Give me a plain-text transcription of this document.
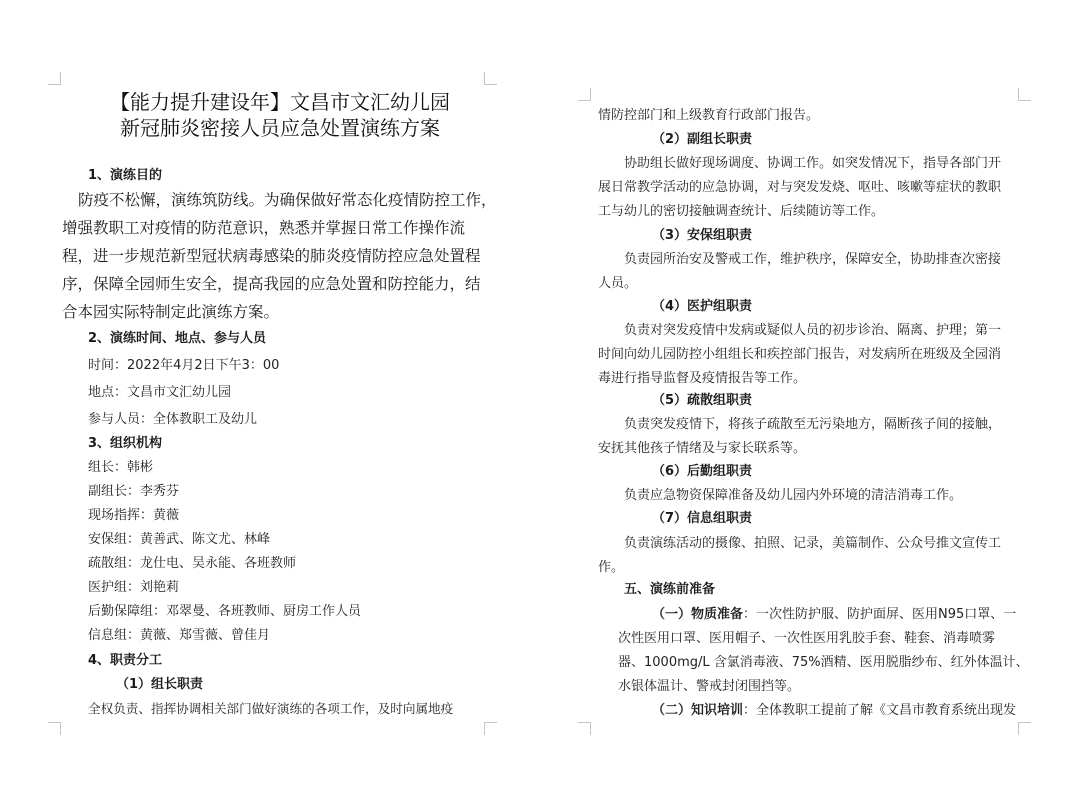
【能力提升建设年】文昌市文汇幼儿园
新冠肺炎密接人员应急处置演练方案
1、演练目的
防疫不松懈，演练筑防线。为确保做好常态化疫情防控工作，
增强教职工对疫情的防范意识，熟悉并掌握日常工作操作流
程，进一步规范新型冠状病毒感染的肺炎疫情防控应急处置程
序，保障全园师生安全，提高我园的应急处置和防控能力，结
合本园实际特制定此演练方案。
2、演练时间、地点、参与人员
时间：2022年4月2日下午3：00
地点：文昌市文汇幼儿园
参与人员：全体教职工及幼儿
3、组织机构
组长：韩彬
副组长：李秀芬
现场指挥：黄薇
安保组：黄善武、陈文尤、林峰
疏散组：龙仕电、吴永能、各班教师
医护组：刘艳莉
后勤保障组：邓翠曼、各班教师、厨房工作人员
信息组：黄薇、郑雪薇、曾佳月
4、职责分工
（1）组长职责
全权负责、指挥协调相关部门做好演练的各项工作，及时向属地疫
情防控部门和上级教育行政部门报告。
（2）副组长职责
协助组长做好现场调度、协调工作。如突发情况下，指导各部门开
展日常教学活动的应急协调，对与突发发烧、呕吐、咳嗽等症状的教职
工与幼儿的密切接触调查统计、后续随访等工作。
（3）安保组职责
负责园所治安及警戒工作，维护秩序，保障安全，协助排查次密接
人员。
（4）医护组职责
负责对突发疫情中发病或疑似人员的初步诊治、隔离、护理；第一
时间向幼儿园防控小组组长和疾控部门报告，对发病所在班级及全园消
毒进行指导监督及疫情报告等工作。
（5）疏散组职责
负责突发疫情下，将孩子疏散至无污染地方，隔断孩子间的接触，
安抚其他孩子情绪及与家长联系等。
（6）后勤组职责
负责应急物资保障准备及幼儿园内外环境的清洁消毒工作。
（7）信息组职责
负责演练活动的摄像、拍照、记录，美篇制作、公众号推文宣传工
作。
五、演练前准备
（一）物质准备：一次性防护服、防护面屏、医用N95口罩、一
次性医用口罩、医用帽子、一次性医用乳胶手套、鞋套、消毒喷雾
器、1000mg/L 含氯消毒液、75%酒精、医用脱脂纱布、红外体温计、
水银体温计、警戒封闭围挡等。
（二）知识培训：全体教职工提前了解《文昌市教育系统出现发
